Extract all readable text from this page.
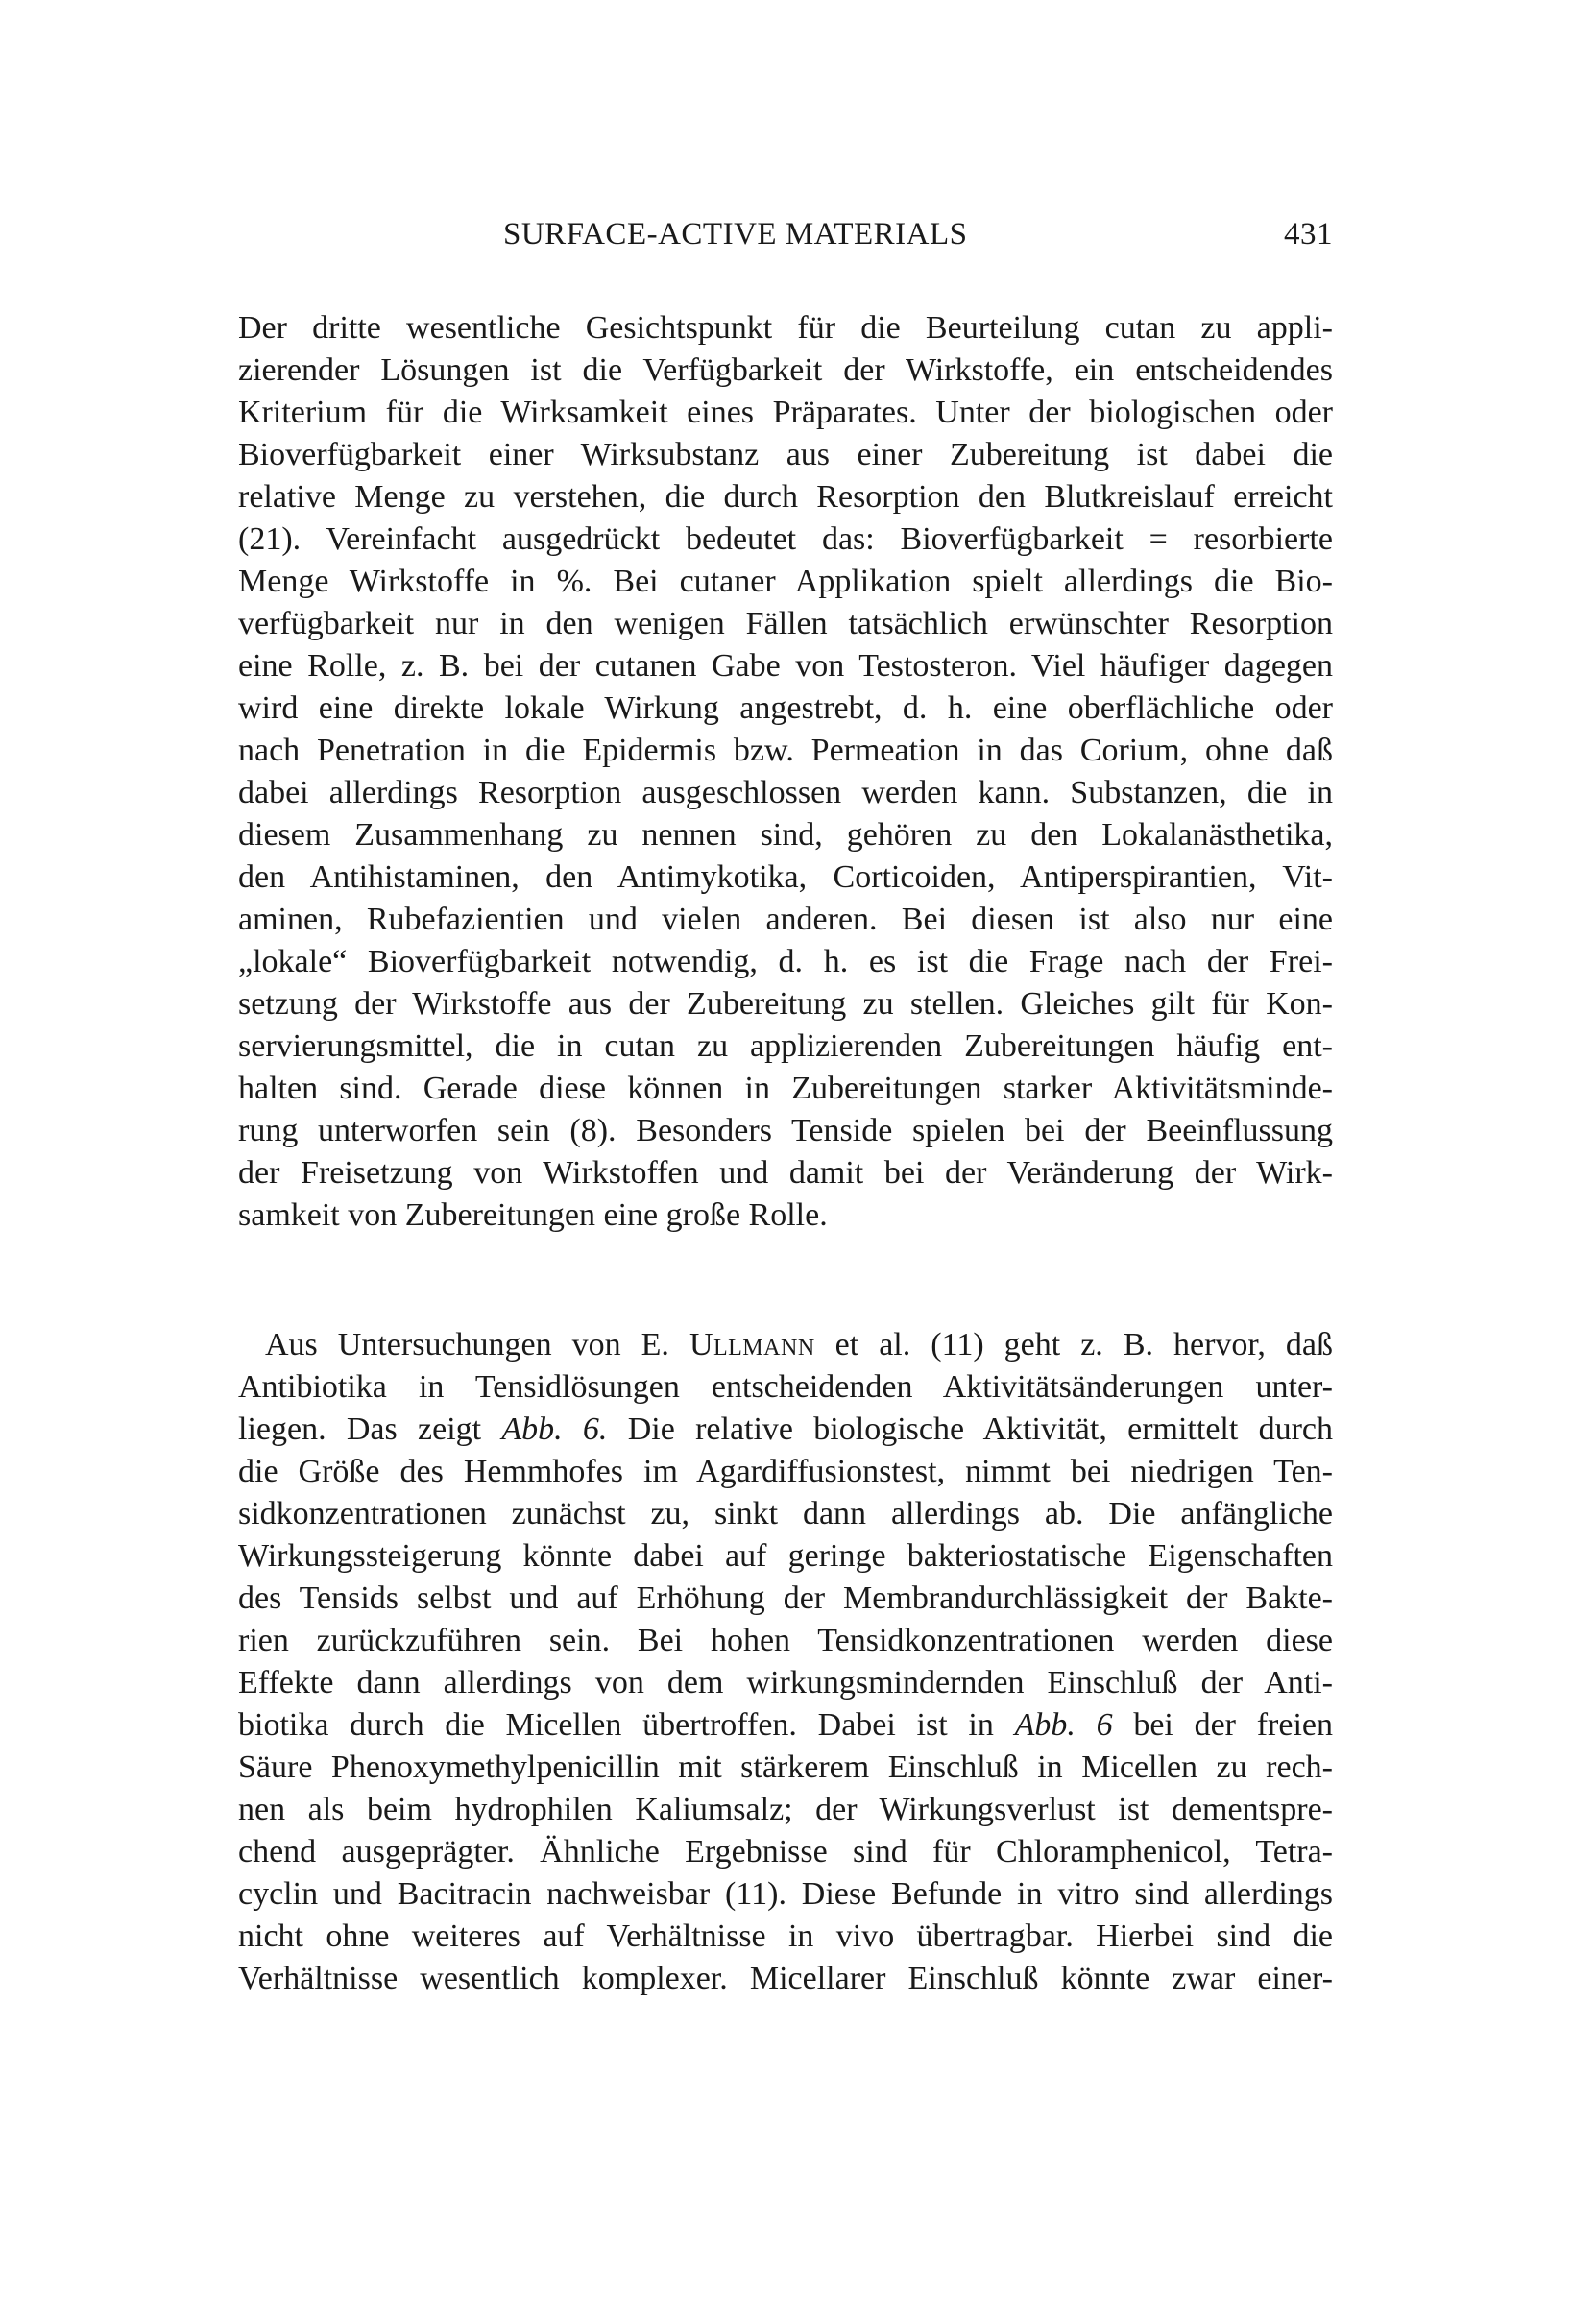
SURFACE-ACTIVE MATERIALS	431
Der dritte wesentliche Gesichtspunkt für die Beurteilung cutan zu appli-
zierender Lösungen ist die Verfügbarkeit der Wirkstoffe, ein entscheidendes
Kriterium für die Wirksamkeit eines Präparates. Unter der biologischen oder
Bioverfügbarkeit einer Wirksubstanz aus einer Zubereitung ist dabei die
relative Menge zu verstehen, die durch Resorption den Blutkreislauf erreicht
(21). Vereinfacht ausgedrückt bedeutet das: Bioverfügbarkeit = resorbierte
Menge Wirkstoffe in %. Bei cutaner Applikation spielt allerdings die Bio-
verfügbarkeit nur in den wenigen Fällen tatsächlich erwünschter Resorption
eine Rolle, z. B. bei der cutanen Gabe von Testosteron. Viel häufiger dagegen
wird eine direkte lokale Wirkung angestrebt, d. h. eine oberflächliche oder
nach Penetration in die Epidermis bzw. Permeation in das Corium, ohne daß
dabei allerdings Resorption ausgeschlossen werden kann. Substanzen, die in
diesem Zusammenhang zu nennen sind, gehören zu den Lokalanästhetika,
den Antihistaminen, den Antimykotika, Corticoiden, Antiperspirantien, Vit-
aminen, Rubefazientien und vielen anderen. Bei diesen ist also nur eine
„lokale“ Bioverfügbarkeit notwendig, d. h. es ist die Frage nach der Frei-
setzung der Wirkstoffe aus der Zubereitung zu stellen. Gleiches gilt für Kon-
servierungsmittel, die in cutan zu applizierenden Zubereitungen häufig ent-
halten sind. Gerade diese können in Zubereitungen starker Aktivitätsminde-
rung unterworfen sein (8). Besonders Tenside spielen bei der Beeinflussung
der Freisetzung von Wirkstoffen und damit bei der Veränderung der Wirk-
samkeit von Zubereitungen eine große Rolle.
Aus Untersuchungen von E. Ullmann et al. (11) geht z. B. hervor, daß
Antibiotika in Tensidlösungen entscheidenden Aktivitätsänderungen unter-
liegen. Das zeigt Abb. 6. Die relative biologische Aktivität, ermittelt durch
die Größe des Hemmhofes im Agardiffusionstest, nimmt bei niedrigen Ten-
sidkonzentrationen zunächst zu, sinkt dann allerdings ab. Die anfängliche
Wirkungssteigerung könnte dabei auf geringe bakteriostatische Eigenschaften
des Tensids selbst und auf Erhöhung der Membrandurchlässigkeit der Bakte-
rien zurückzuführen sein. Bei hohen Tensidkonzentrationen werden diese
Effekte dann allerdings von dem wirkungsmindernden Einschluß der Anti-
biotika durch die Micellen übertroffen. Dabei ist in Abb. 6 bei der freien
Säure Phenoxymethylpenicillin mit stärkerem Einschluß in Micellen zu rech-
nen als beim hydrophilen Kaliumsalz; der Wirkungsverlust ist dementspre-
chend ausgeprägter. Ähnliche Ergebnisse sind für Chloramphenicol, Tetra-
cyclin und Bacitracin nachweisbar (11). Diese Befunde in vitro sind allerdings
nicht ohne weiteres auf Verhältnisse in vivo übertragbar. Hierbei sind die
Verhältnisse wesentlich komplexer. Micellarer Einschluß könnte zwar einer-
